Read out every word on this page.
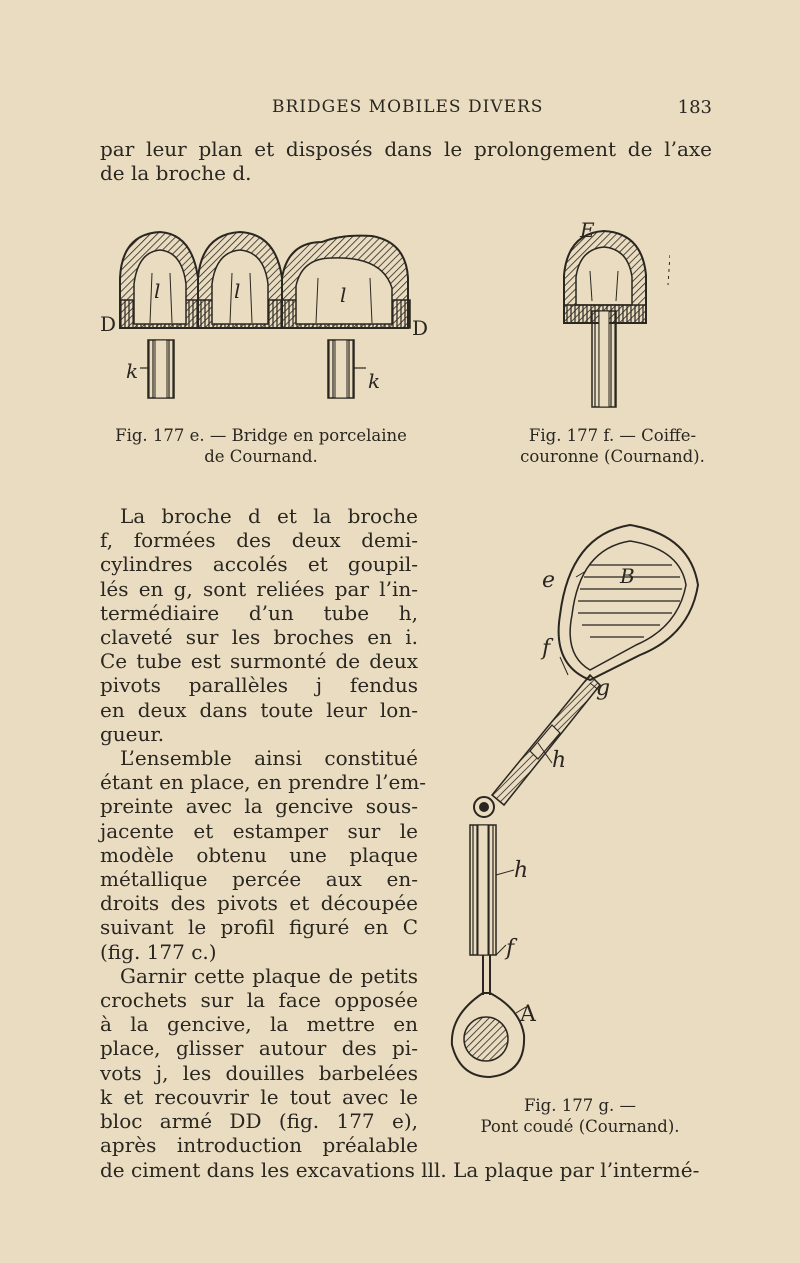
BRIDGES MOBILES DIVERS	183
par leur plan et disposés dans le prolongement de l’axe
de la broche d.
D	D
k	k
l	l	l
Fig. 177 e. — Bridge en porcelaine
de Cournand.
E
Fig. 177 f. — Coiffe-
couronne (Cournand).
e	B
f
g
h
h
f
A
Fig. 177 g. —
Pont coudé (Cournand).
La broche d et la broche
f, formées des deux demi-
cylindres accolés et goupil-
lés en g, sont reliées par l’in-
termédiaire d’un tube h,
claveté sur les broches en i.
Ce tube est surmonté de deux
pivots parallèles j fendus
en deux dans toute leur lon-
gueur.
L’ensemble ainsi constitué
étant en place, en prendre l’em-
preinte avec la gencive sous-
jacente et estamper sur le
modèle obtenu une plaque
métallique percée aux en-
droits des pivots et découpée
suivant le profil figuré en C
(fig. 177 c.)
Garnir cette plaque de petits
crochets sur la face opposée
à la gencive, la mettre en
place, glisser autour des pi-
vots j, les douilles barbelées
k et recouvrir le tout avec le
bloc armé DD (fig. 177 e),
après introduction préalable
de ciment dans les excavations lll. La plaque par l’intermé-
